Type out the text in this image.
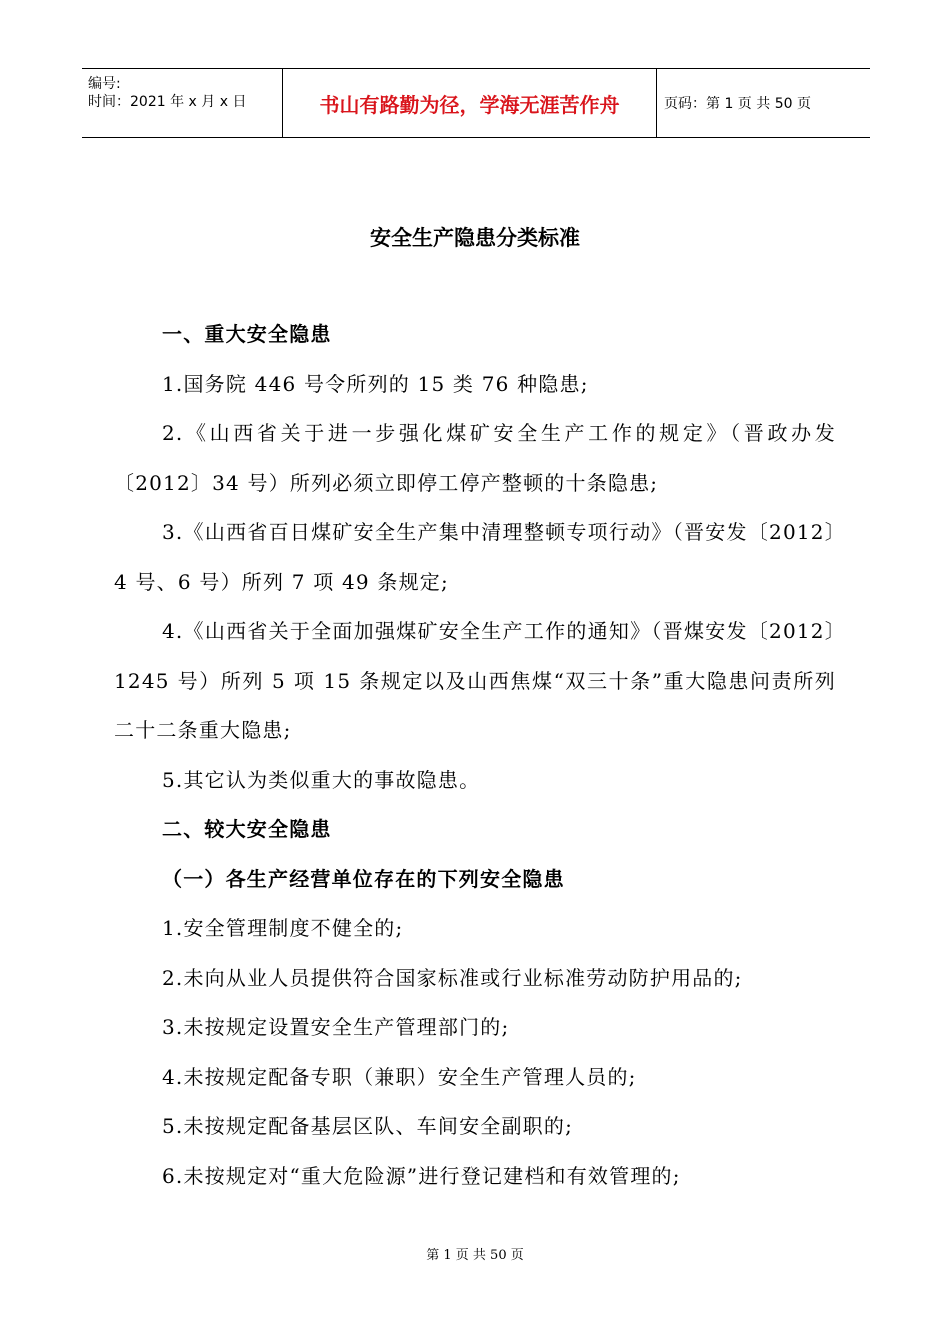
编号:
时间：2021 年 x 月 x 日	书山有路勤为径，学海无涯苦作舟	页码：第 1 页 共 50 页
安全生产隐患分类标准

一、重大安全隐患

1.国务院 446 号令所列的 15 类 76 种隐患;

2.《山西省关于进一步强化煤矿安全生产工作的规定》（晋政办发〔2012〕34 号）所列必须立即停工停产整顿的十条隐患;

3.《山西省百日煤矿安全生产集中清理整顿专项行动》（晋安发〔2012〕4 号、6 号）所列 7 项 49 条规定;

4.《山西省关于全面加强煤矿安全生产工作的通知》（晋煤安发〔2012〕1245 号）所列 5 项 15 条规定以及山西焦煤“双三十条”重大隐患问责所列二十二条重大隐患;

5.其它认为类似重大的事故隐患。

二、较大安全隐患

（一）各生产经营单位存在的下列安全隐患

1.安全管理制度不健全的;

2.未向从业人员提供符合国家标准或行业标准劳动防护用品的;

3.未按规定设置安全生产管理部门的;

4.未按规定配备专职（兼职）安全生产管理人员的;

5.未按规定配备基层区队、车间安全副职的;

6.未按规定对“重大危险源”进行登记建档和有效管理的;

第 1 页 共 50 页
